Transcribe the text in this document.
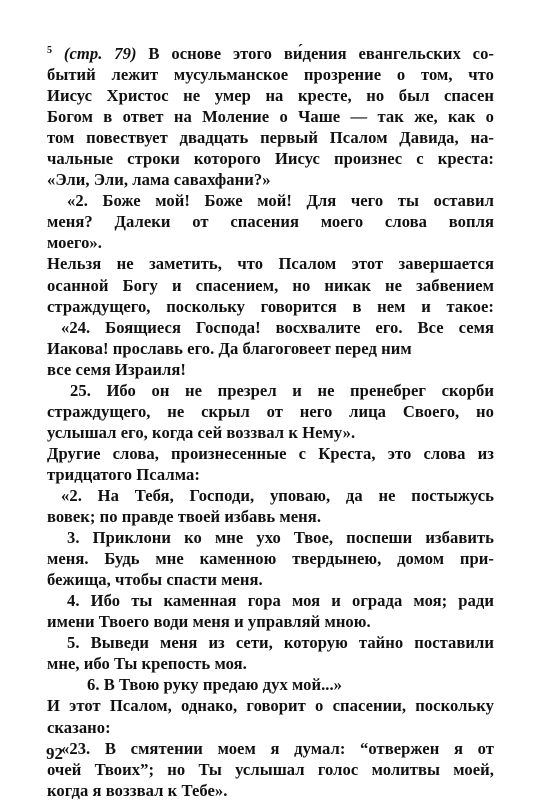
$^5$ (стр. 79) В основе этого ви́дения евангельских со-
бытий лежит мусульманское прозрение о том, что
Иисус Христос не умер на кресте, но был спасен
Богом в ответ на Моление о Чаше — так же, как о
том повествует двадцать первый Псалом Давида, на-
чальные строки которого Иисус произнес с креста:
«Эли, Эли, лама савахфани?»
«2. Боже мой! Боже мой! Для чего ты оставил
меня? Далеки от спасения моего слова вопля
моего».
Нельзя не заметить, что Псалом этот завершается
осанной Богу и спасением, но никак не забвением
страждущего, поскольку говорится в нем и такое:
«24. Боящиеся Господа! восхвалите его. Все семя
Иакова! прославь его. Да благоговеет перед ним
все семя Израиля!
25. Ибо он не презрел и не пренебрег скорби
страждущего, не скрыл от него лица Своего, но
услышал его, когда сей воззвал к Нему».
Другие слова, произнесенные с Креста, это слова из
тридцатого Псалма:
«2. На Тебя, Господи, уповаю, да не постыжусь
вовек; по правде твоей избавь меня.
3. Приклони ко мне ухо Твое, поспеши избавить
меня. Будь мне каменною твердынею, домом при-
бежища, чтобы спасти меня.
4. Ибо ты каменная гора моя и ограда моя; ради
имени Твоего води меня и управляй мною.
5. Выведи меня из сети, которую тайно поставили
мне, ибо Ты крепость моя.
6. В Твою руку предаю дух мой...»
И этот Псалом, однако, говорит о спасении, поскольку
сказано:
«23. В смятении моем я думал: “отвержен я от
очей Твоих”; но Ты услышал голос молитвы моей,
когда я воззвал к Тебе».
92
